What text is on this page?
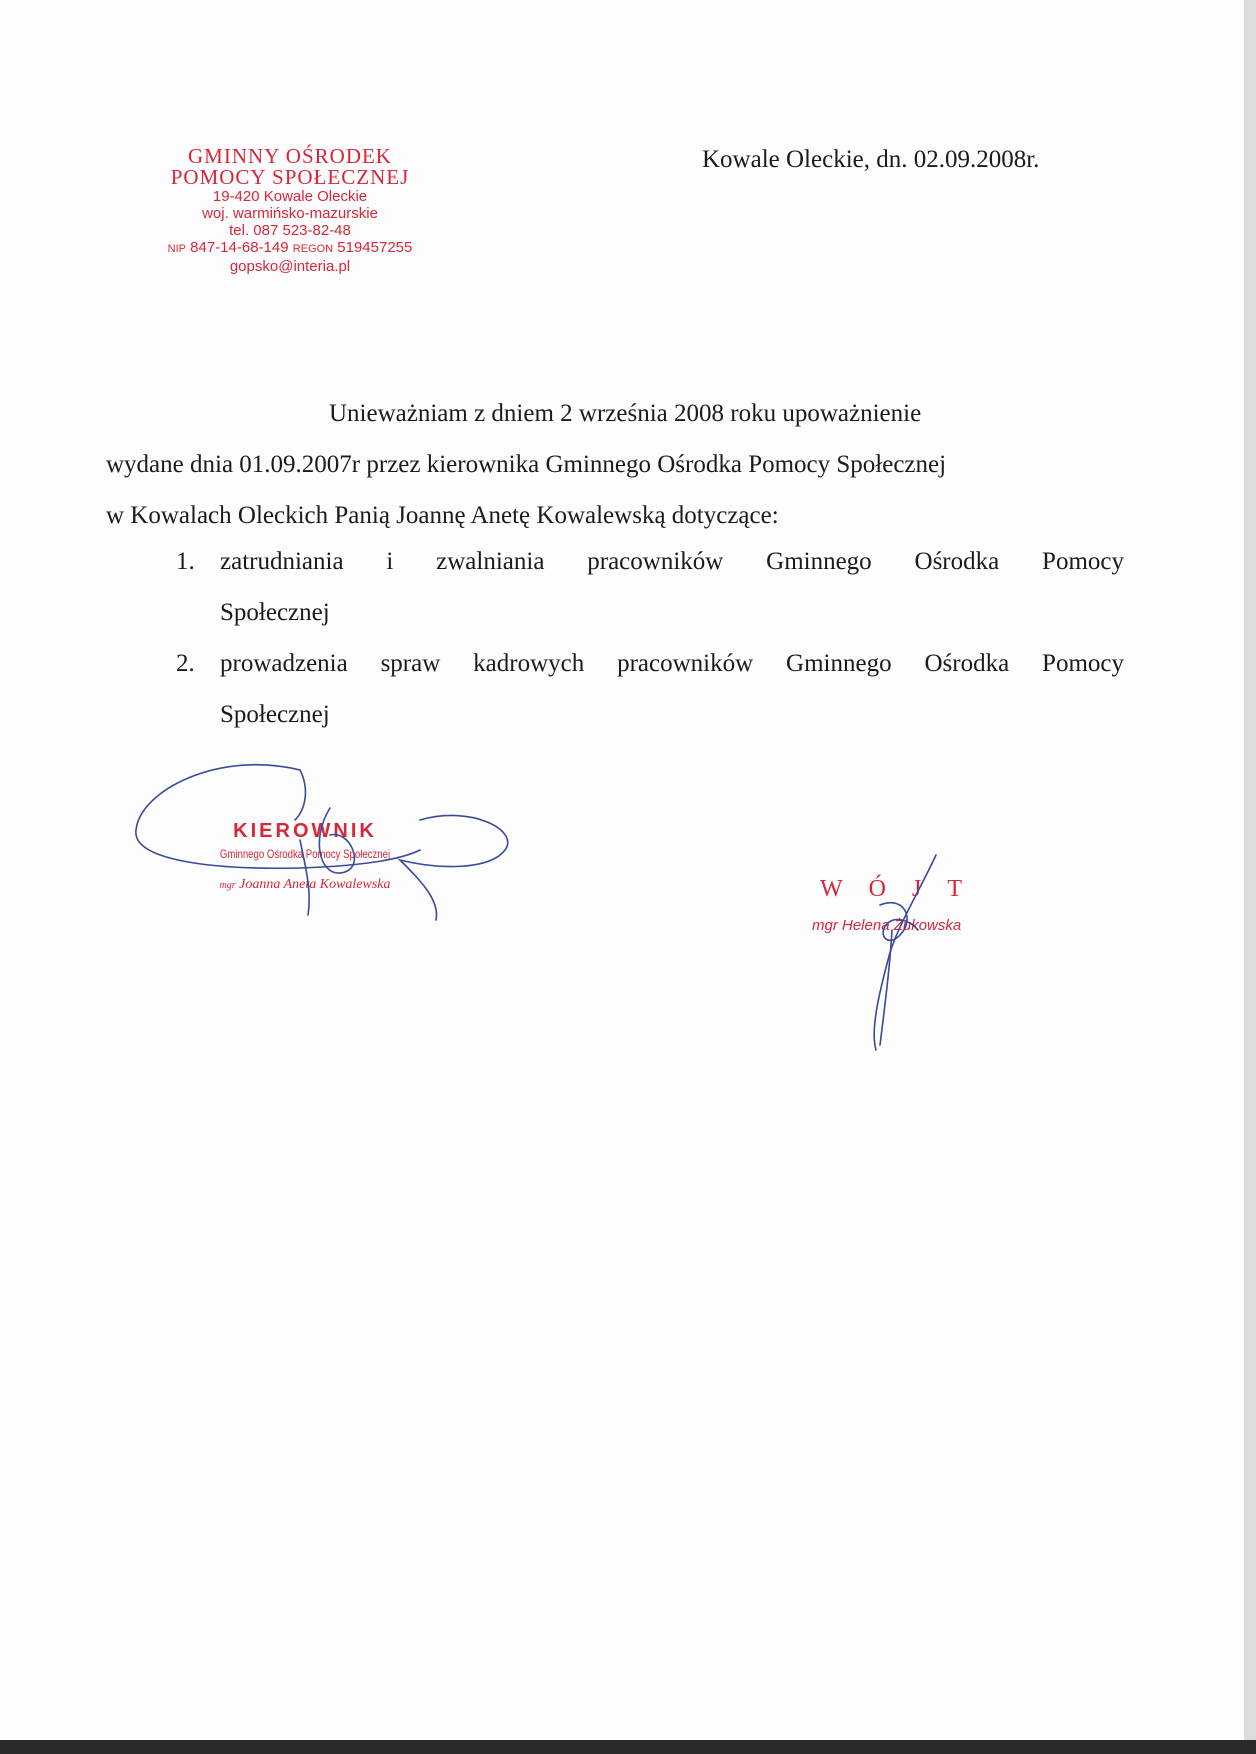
GMINNY OŚRODEK
POMOCY SPOŁECZNEJ
19-420 Kowale Oleckie
woj. warmińsko-mazurskie
tel. 087 523-82-48
NIP 847-14-68-149 REGON 519457255
gopsko@interia.pl
Kowale Oleckie, dn. 02.09.2008r.

Unieważniam z dniem 2 września 2008 roku upoważnienie

wydane dnia 01.09.2007r przez kierownika Gminnego Ośrodka Pomocy Społecznej

w Kowalach Oleckich Panią Joannę Anetę Kowalewską dotyczące:

1. zatrudniania i zwalniania pracowników Gminnego Ośrodka Pomocy
Społecznej
2. prowadzenia spraw kadrowych pracowników Gminnego Ośrodka Pomocy
Społecznej
KIEROWNIK
Gminnego Ośrodka Pomocy Społecznej
mgr Joanna Aneta Kowalewska	WÓJT
mgr Helena Żukowska
